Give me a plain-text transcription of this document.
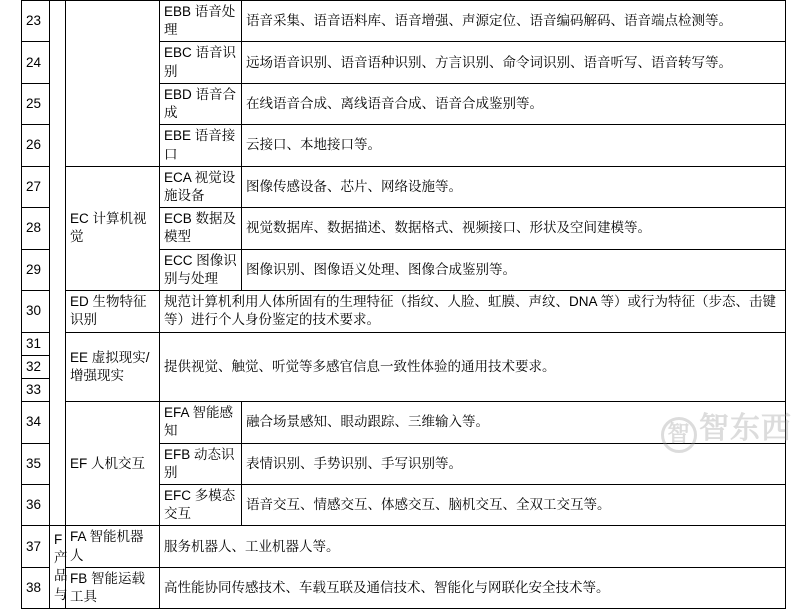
23			EBB 语音处理	语音采集、语音语料库、语音增强、声源定位、语音编码解码、语音端点检测等。
24			EBC 语音识别	远场语音识别、语音语种识别、方言识别、命令词识别、语音听写、语音转写等。
25			EBD 语音合成	在线语音合成、离线语音合成、语音合成鉴别等。
26			EBE 语音接口	云接口、本地接口等。
27		EC 计算机视觉	ECA 视觉设施设备	图像传感设备、芯片、网络设施等。
28			ECB 数据及模型	视觉数据库、数据描述、数据格式、视频接口、形状及空间建模等。
29			ECC 图像识别与处理	图像识别、图像语义处理、图像合成鉴别等。
30		ED 生物特征识别	规范计算机利用人体所固有的生理特征（指纹、人脸、虹膜、声纹、DNA 等）或行为特征（步态、击键等）进行个人身份鉴定的技术要求。	
31		EE 虚拟现实/增强现实	提供视觉、触觉、听觉等多感官信息一致性体验的通用技术要求。	
32				
33				
34		EF 人机交互	EFA 智能感知	融合场景感知、眼动跟踪、三维输入等。
35			EFB 动态识别	表情识别、手势识别、手写识别等。
36			EFC 多模态交互	语音交互、情感交互、体感交互、脑机交互、全双工交互等。
37	F 产品与	FA 智能机器人	服务机器人、工业机器人等。	
38		FB 智能运载工具	高性能协同传感技术、车载互联及通信技术、智能化与网联化安全技术等。	
智 智东西
